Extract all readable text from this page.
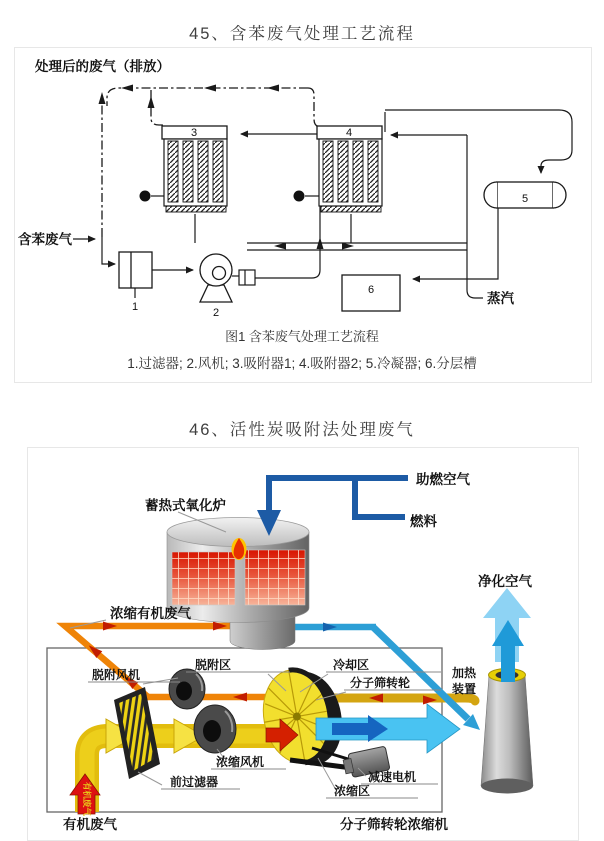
45、含苯废气处理工艺流程
处理后的废气（排放）
含苯废气
蒸汽
1	2
3	4
5
6
图1 含苯废气处理工艺流程
1.过滤器; 2.风机; 3.吸附器1; 4.吸附器2; 5.冷凝器; 6.分层槽
46、活性炭吸附法处理废气
有机废气
蓄热式氧化炉
助燃空气
燃料
浓缩有机废气
净化空气
脱附风机
脱附区	冷却区
分子筛转轮
加热
装置
浓缩风机
前过滤器	减速电机
浓缩区
分子筛转轮浓缩机
有机废气
